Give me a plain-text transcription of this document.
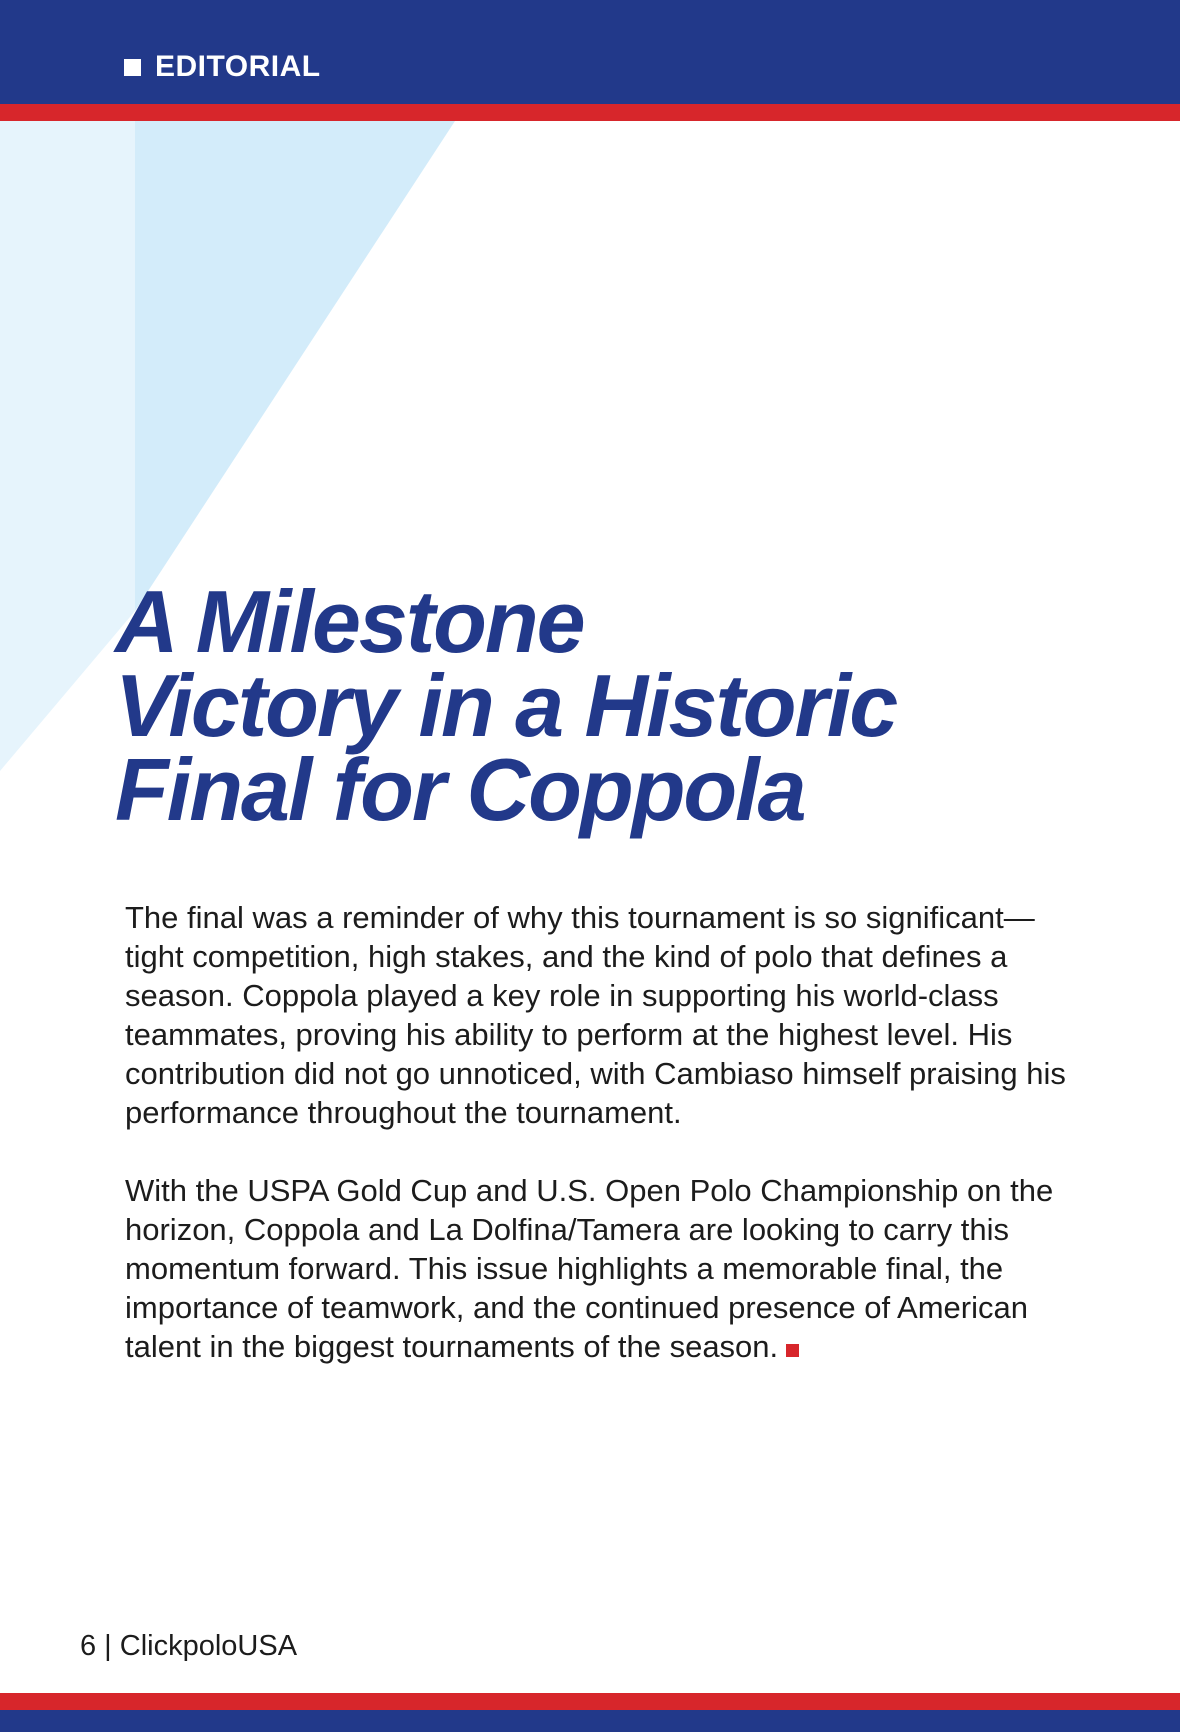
EDITORIAL
A Milestone
Victory in a Historic
Final for Coppola

The final was a reminder of why this tournament is so significant—tight competition, high stakes, and the kind of polo that defines a season. Coppola played a key role in supporting his world-class teammates, proving his ability to perform at the highest level. His contribution did not go unnoticed, with Cambiaso himself praising his performance throughout the tournament.

With the USPA Gold Cup and U.S. Open Polo Championship on the horizon, Coppola and La Dolfina/Tamera are looking to carry this momentum forward. This issue highlights a memorable final, the importance of teamwork, and the continued presence of American talent in the biggest tournaments of the season.

6 | ClickpoloUSA
